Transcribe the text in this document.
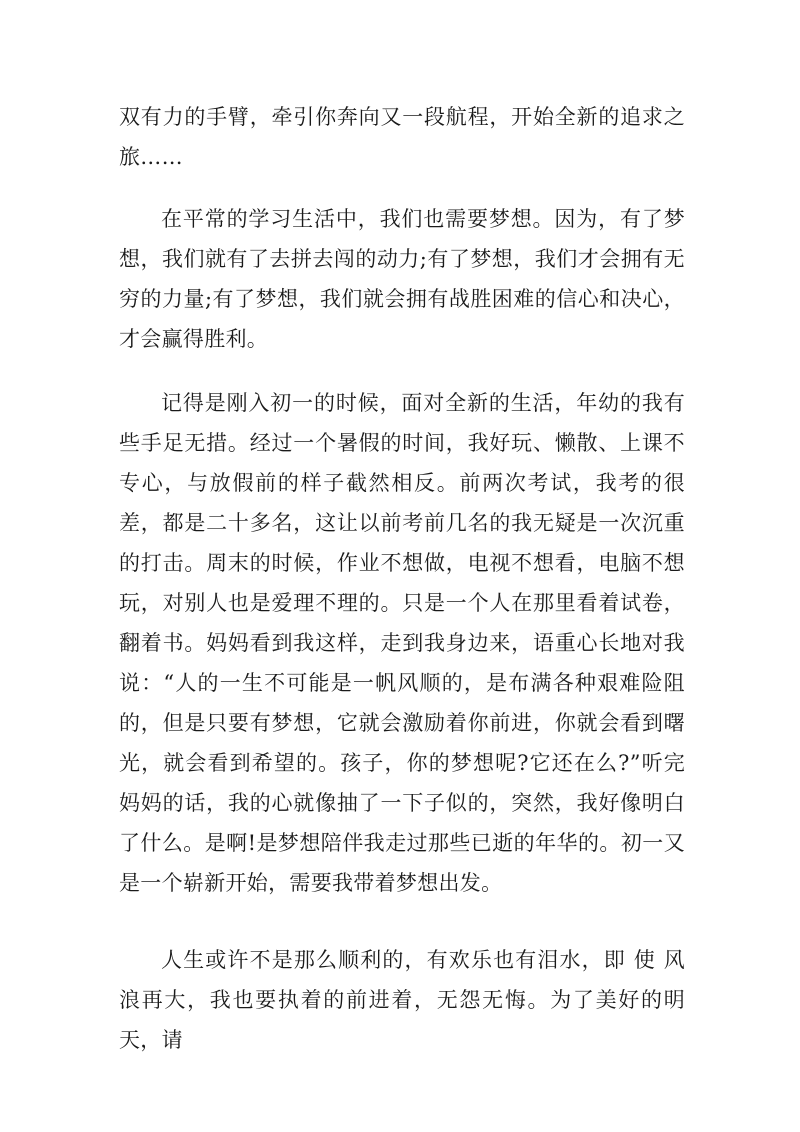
双有力的手臂，牵引你奔向又一段航程，开始全新的追求之旅……

在平常的学习生活中，我们也需要梦想。因为，有了梦想，我们就有了去拼去闯的动力;有了梦想，我们才会拥有无穷的力量;有了梦想，我们就会拥有战胜困难的信心和决心，才会赢得胜利。

记得是刚入初一的时候，面对全新的生活，年幼的我有些手足无措。经过一个暑假的时间，我好玩、懒散、上课不专心，与放假前的样子截然相反。前两次考试，我考的很差，都是二十多名，这让以前考前几名的我无疑是一次沉重的打击。周末的时候，作业不想做，电视不想看，电脑不想玩，对别人也是爱理不理的。只是一个人在那里看着试卷，翻着书。妈妈看到我这样，走到我身边来，语重心长地对我说：“人的一生不可能是一帆风顺的，是布满各种艰难险阻的，但是只要有梦想，它就会激励着你前进，你就会看到曙光，就会看到希望的。孩子，你的梦想呢?它还在么?”听完妈妈的话，我的心就像抽了一下子似的，突然，我好像明白了什么。是啊!是梦想陪伴我走过那些已逝的年华的。初一又是一个崭新开始，需要我带着梦想出发。

人生或许不是那么顺利的，有欢乐也有泪水，即 使 风浪再大，我也要执着的前进着，无怨无悔。为了美好的明天，请
